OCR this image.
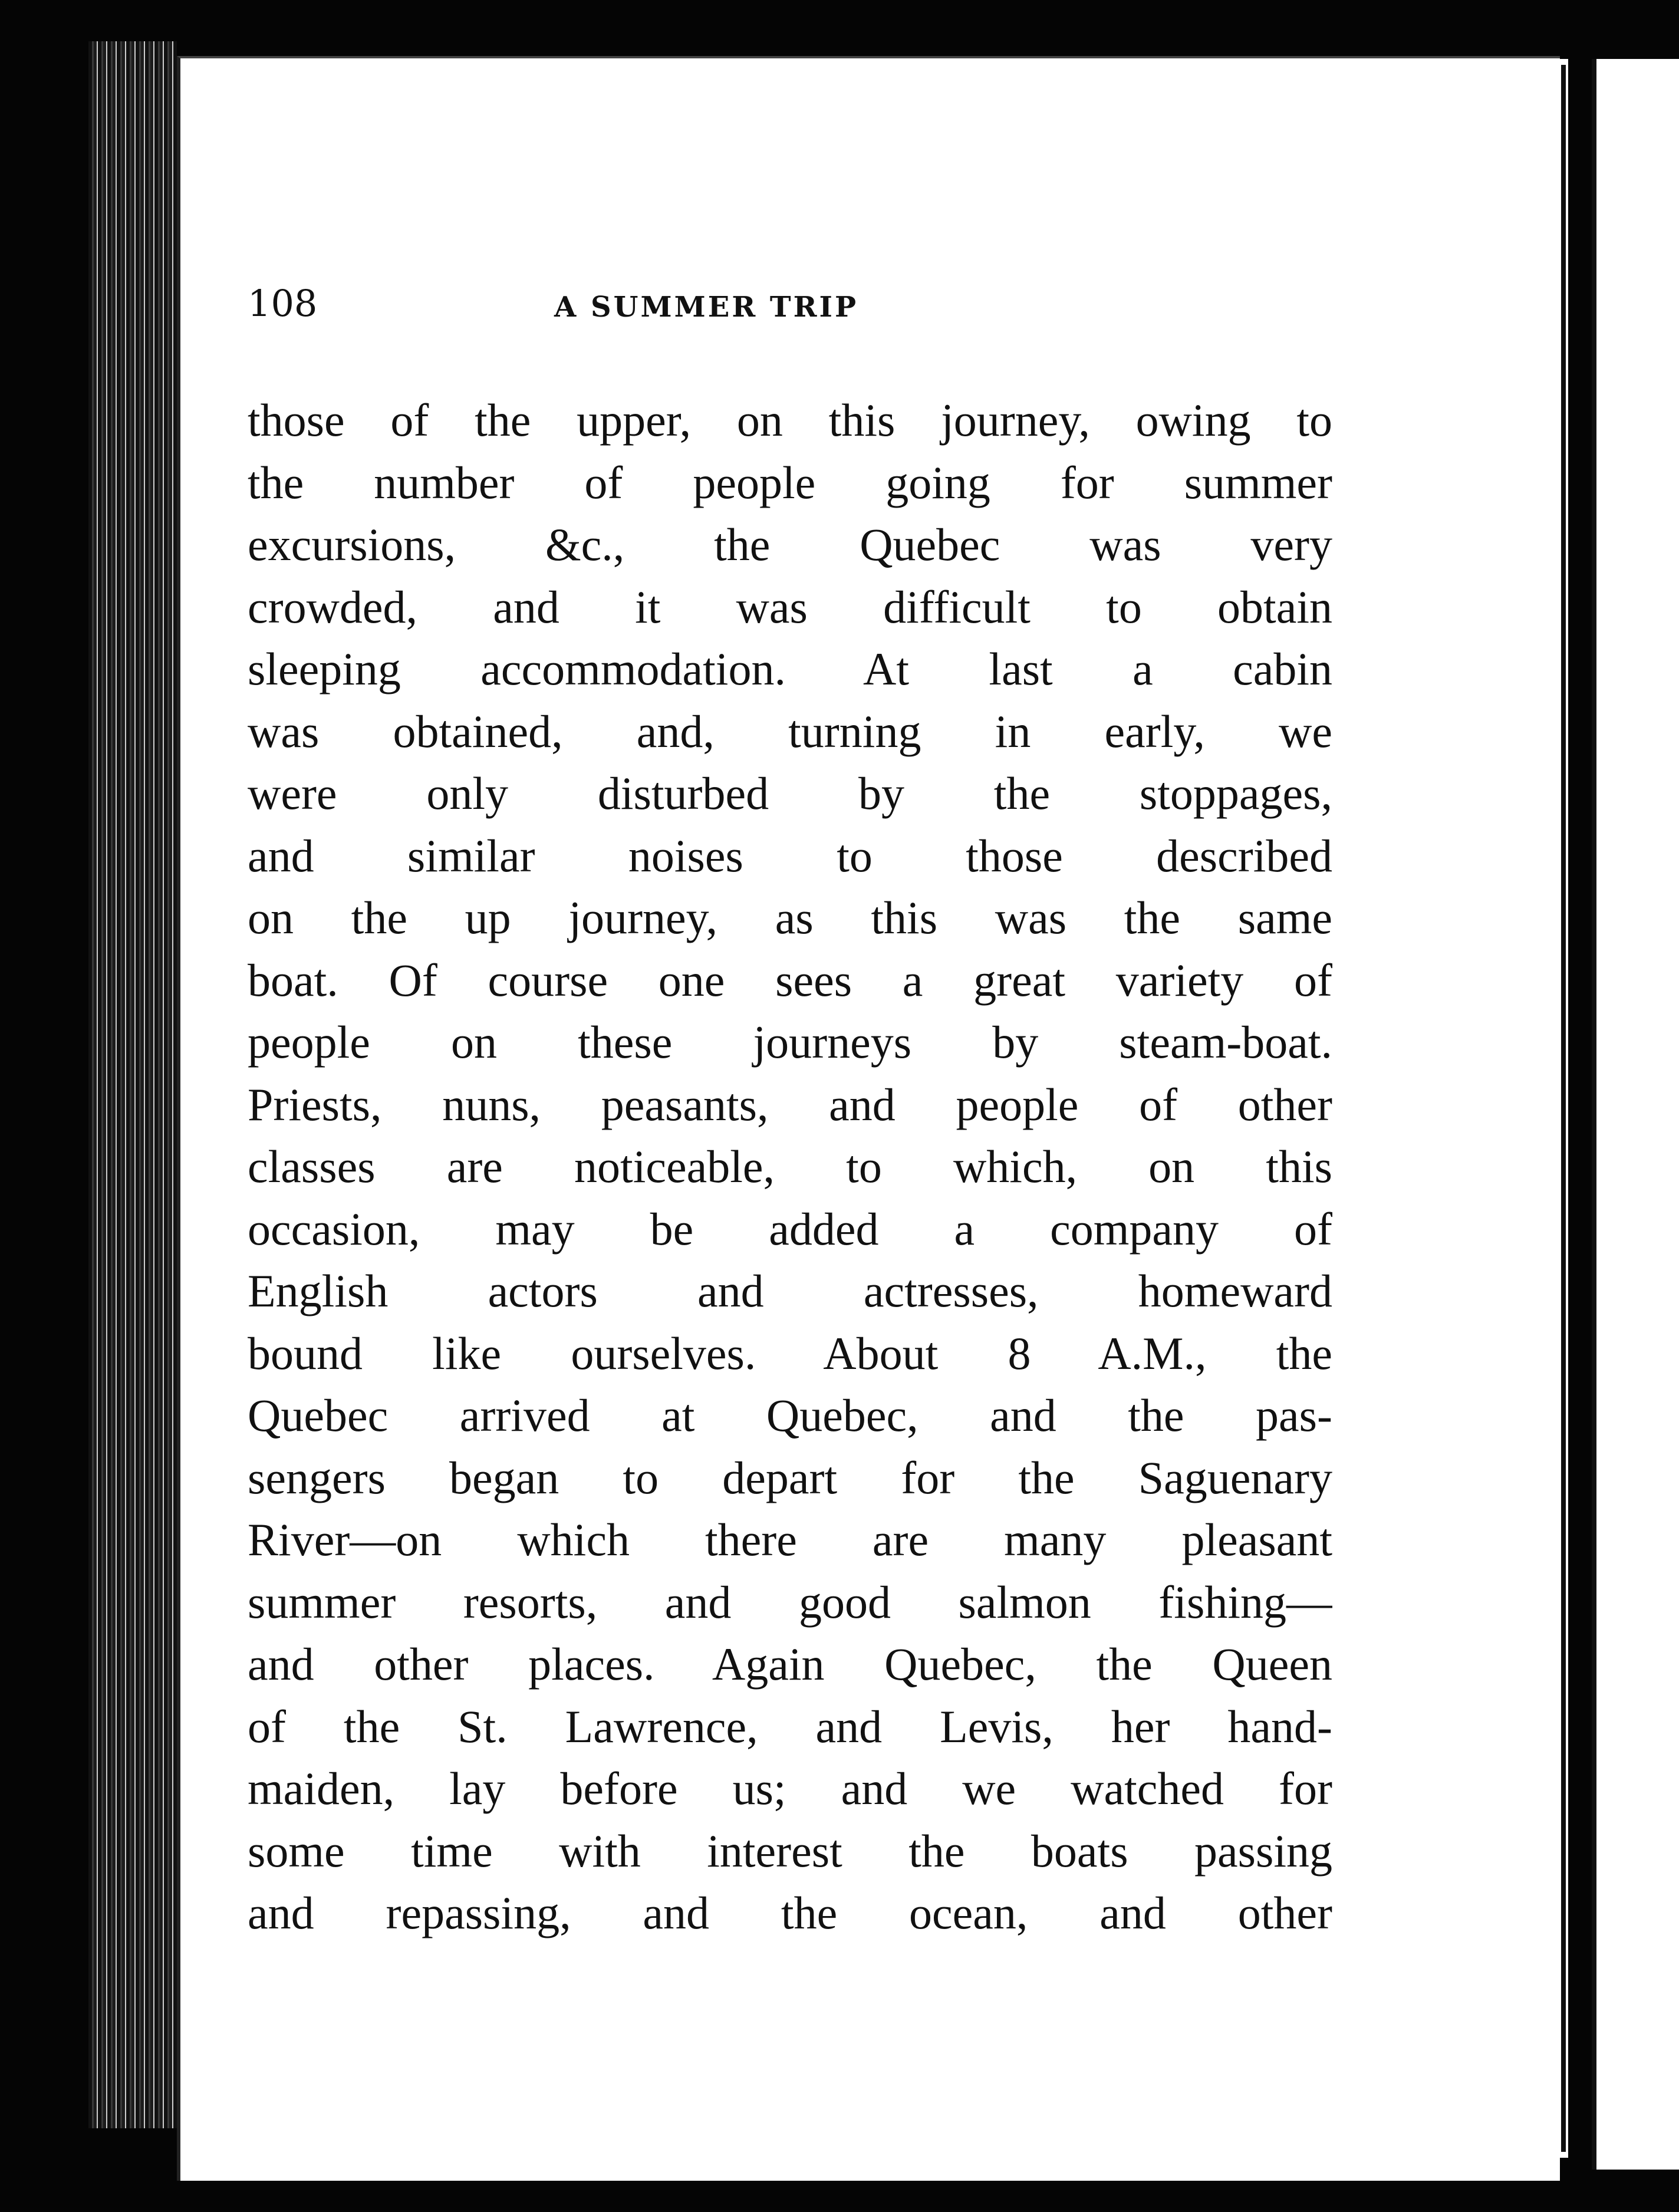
108	A SUMMER TRIP
those of the upper, on this journey, owing to
the number of people going for summer
excursions, &c., the Quebec was very
crowded, and it was difficult to obtain
sleeping accommodation. At last a cabin
was obtained, and, turning in early, we
were only disturbed by the stoppages,
and similar noises to those described
on the up journey, as this was the same
boat. Of course one sees a great variety of
people on these journeys by steam-boat.
Priests, nuns, peasants, and people of other
classes are noticeable, to which, on this
occasion, may be added a company of
English actors and actresses, homeward
bound like ourselves. About 8 A.M., the
Quebec arrived at Quebec, and the pas-
sengers began to depart for the Saguenary
River—on which there are many pleasant
summer resorts, and good salmon fishing—
and other places. Again Quebec, the Queen
of the St. Lawrence, and Levis, her hand-
maiden, lay before us; and we watched for
some time with interest the boats passing
and repassing, and the ocean, and other
